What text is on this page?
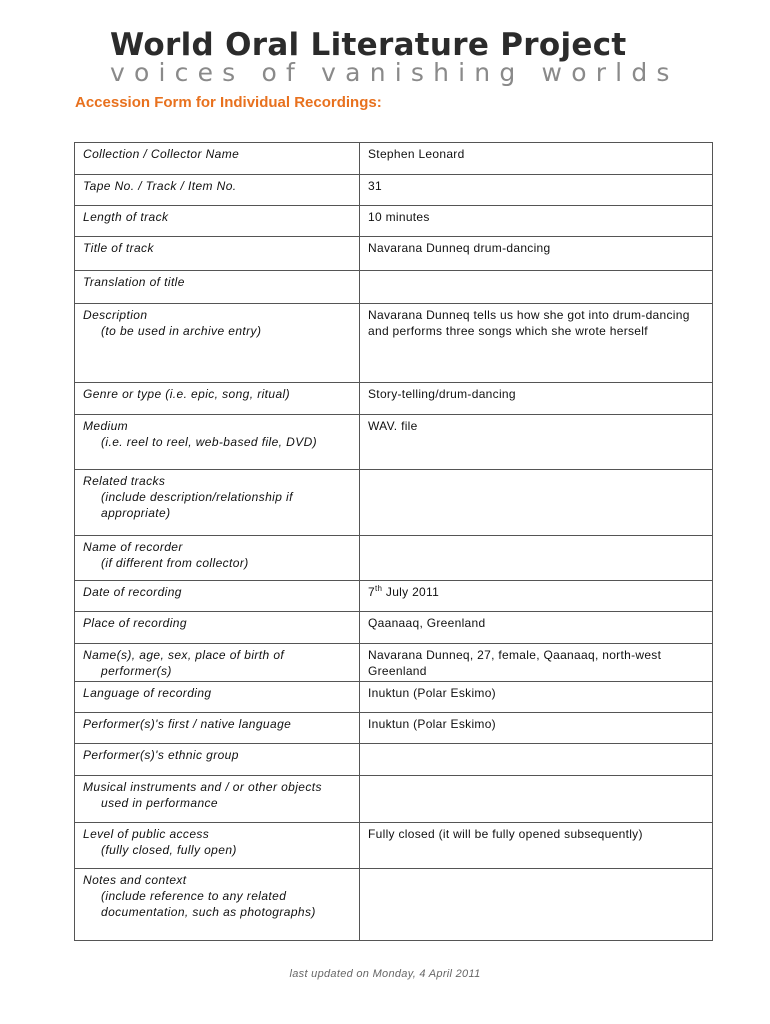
World Oral Literature Project
voices of vanishing worlds
Accession Form for Individual Recordings:
Collection / Collector Name	Stephen Leonard
Tape No. / Track / Item No.	31
Length of track	10 minutes
Title of track	Navarana Dunneq drum-dancing
Translation of title	
Description
(to be used in archive entry)	Navarana Dunneq tells us how she got into drum-dancing and performs three songs which she wrote herself
Genre or type (i.e. epic, song, ritual)	Story-telling/drum-dancing
Medium
(i.e. reel to reel, web-based file, DVD)	WAV. file
Related tracks
(include description/relationship if appropriate)	

Name of recorder
(if different from collector)	

Date of recording	7th July 2011
Place of recording	Qaanaaq, Greenland
Name(s), age, sex, place of birth of
performer(s)	Navarana Dunneq, 27, female, Qaanaaq, north-west Greenland
Language of recording	Inuktun (Polar Eskimo)
Performer(s)'s first / native language	Inuktun (Polar Eskimo)
Performer(s)'s ethnic group	
Musical instruments and / or other objects
used in performance	

Level of public access
(fully closed, fully open)	Fully closed (it will be fully opened subsequently)
Notes and context
(include reference to any related documentation, such as photographs)	

last updated on Monday, 4 April 2011
